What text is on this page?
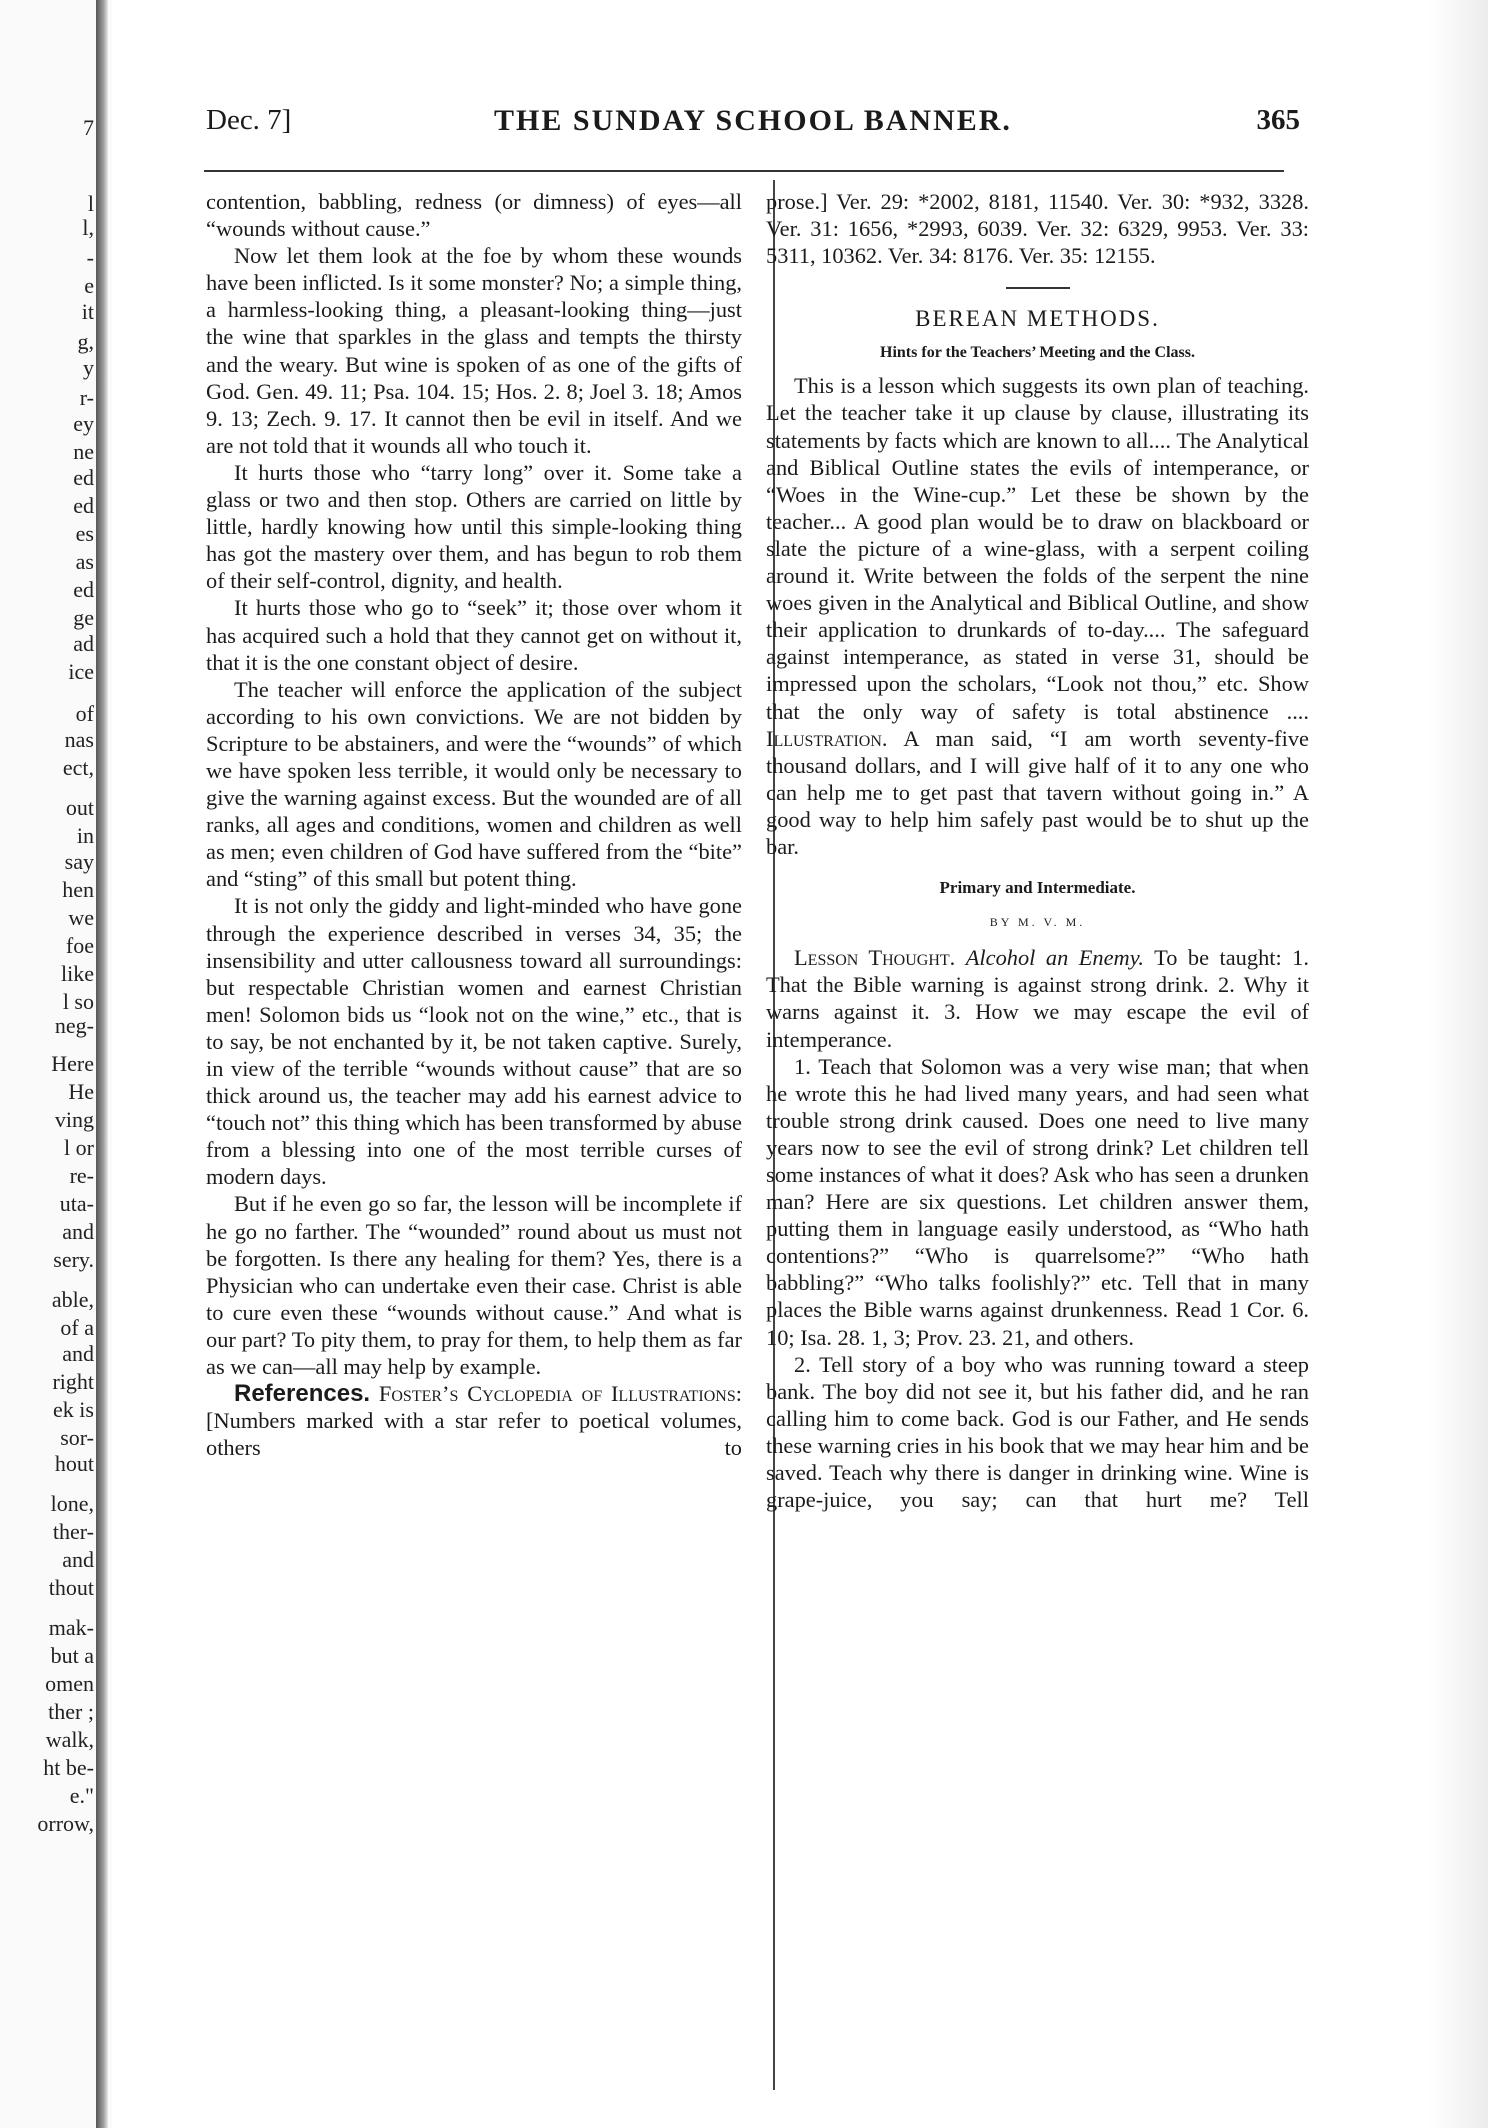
7
l
l,
-
e
it
g,
y
r-
ey
ne
ed
ed
es
as
ed
ge
ad
ice
of
nas
ect,
out
in
say
hen
we
foe
like
l so
neg-
Here
He
ving
l or
re-
uta-
and
sery.
able,
of a
and
right
ek is
sor-
hout
lone,
ther-
and
thout
mak-
but a
omen
ther ;
walk,
ht be-
e."
orrow,
Dec. 7]	THE SUNDAY SCHOOL BANNER.	365

contention, babbling, redness (or dimness) of eyes—all “wounds without cause.”

Now let them look at the foe by whom these wounds have been inflicted. Is it some monster? No; a simple thing, a harmless-looking thing, a pleasant-looking thing—just the wine that sparkles in the glass and tempts the thirsty and the weary. But wine is spoken of as one of the gifts of God. Gen. 49. 11; Psa. 104. 15; Hos. 2. 8; Joel 3. 18; Amos 9. 13; Zech. 9. 17. It cannot then be evil in itself. And we are not told that it wounds all who touch it.

It hurts those who “tarry long” over it. Some take a glass or two and then stop. Others are carried on little by little, hardly knowing how until this simple-looking thing has got the mastery over them, and has begun to rob them of their self-control, dignity, and health.

It hurts those who go to “seek” it; those over whom it has acquired such a hold that they cannot get on without it, that it is the one constant object of desire.

The teacher will enforce the application of the subject according to his own convictions. We are not bidden by Scripture to be abstainers, and were the “wounds” of which we have spoken less terrible, it would only be necessary to give the warning against excess. But the wounded are of all ranks, all ages and conditions, women and children as well as men; even children of God have suffered from the “bite” and “sting” of this small but potent thing.

It is not only the giddy and light-minded who have gone through the experience described in verses 34, 35; the insensibility and utter callousness toward all surroundings: but respectable Christian women and earnest Christian men! Solomon bids us “look not on the wine,” etc., that is to say, be not enchanted by it, be not taken captive. Surely, in view of the terrible “wounds without cause” that are so thick around us, the teacher may add his earnest advice to “touch not” this thing which has been transformed by abuse from a blessing into one of the most terrible curses of modern days.

But if he even go so far, the lesson will be incomplete if he go no farther. The “wounded” round about us must not be forgotten. Is there any healing for them? Yes, there is a Physician who can undertake even their case. Christ is able to cure even these “wounds without cause.” And what is our part? To pity them, to pray for them, to help them as far as we can—all may help by example.

References. Foster’s Cyclopedia of Illustrations: [Numbers marked with a star refer to poetical volumes, others to

prose.] Ver. 29: *2002, 8181, 11540. Ver. 30: *932, 3328. Ver. 31: 1656, *2993, 6039. Ver. 32: 6329, 9953. Ver. 33: 5311, 10362. Ver. 34: 8176. Ver. 35: 12155.

BEREAN METHODS.
Hints for the Teachers’ Meeting and the Class.

This is a lesson which suggests its own plan of teaching. Let the teacher take it up clause by clause, illustrating its statements by facts which are known to all.... The Analytical and Biblical Outline states the evils of intemperance, or “Woes in the Wine-cup.” Let these be shown by the teacher... A good plan would be to draw on blackboard or slate the picture of a wine-glass, with a serpent coiling around it. Write between the folds of the serpent the nine woes given in the Analytical and Biblical Outline, and show their application to drunkards of to-day.... The safeguard against intemperance, as stated in verse 31, should be impressed upon the scholars, “Look not thou,” etc. Show that the only way of safety is total abstinence .... Illustration. A man said, “I am worth seventy-five thousand dollars, and I will give half of it to any one who can help me to get past that tavern without going in.” A good way to help him safely past would be to shut up the bar.

Primary and Intermediate.
BY M. V. M.

Lesson Thought. Alcohol an Enemy. To be taught: 1. That the Bible warning is against strong drink. 2. Why it warns against it. 3. How we may escape the evil of intemperance.

1. Teach that Solomon was a very wise man; that when he wrote this he had lived many years, and had seen what trouble strong drink caused. Does one need to live many years now to see the evil of strong drink? Let children tell some instances of what it does? Ask who has seen a drunken man? Here are six questions. Let children answer them, putting them in language easily understood, as “Who hath contentions?” “Who is quarrelsome?” “Who hath babbling?” “Who talks foolishly?” etc. Tell that in many places the Bible warns against drunkenness. Read 1 Cor. 6. 10; Isa. 28. 1, 3; Prov. 23. 21, and others.

2. Tell story of a boy who was running toward a steep bank. The boy did not see it, but his father did, and he ran calling him to come back. God is our Father, and He sends these warning cries in his book that we may hear him and be saved. Teach why there is danger in drinking wine. Wine is grape-juice, you say; can that hurt me? Tell
